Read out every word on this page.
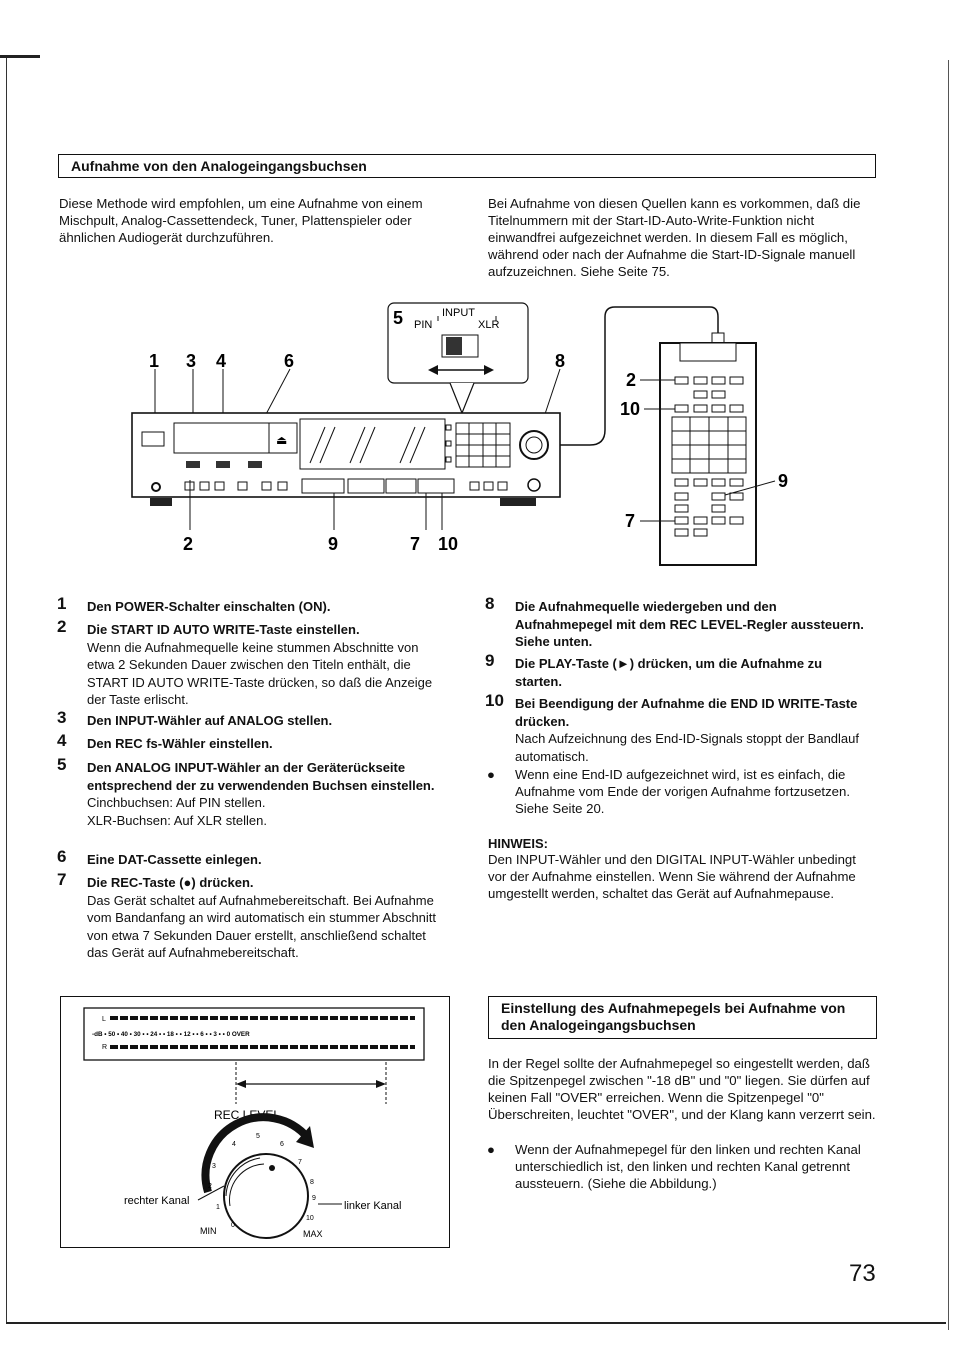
Aufnahme von den Analogeingangsbuchsen
Diese Methode wird empfohlen, um eine Aufnahme von einem Mischpult, Analog-Cassettendeck, Tuner, Plattenspieler oder ähnlichen Audiogerät durchzuführen.
Bei Aufnahme von diesen Quellen kann es vorkommen, daß die Titelnummern mit der Start-ID-Auto-Write-Funktion nicht einwandfrei aufgezeichnet werden. In diesem Fall es möglich, während oder nach der Aufnahme die Start-ID-Signale manuell aufzuzeichnen. Siehe Seite 75.
5	INPUT
PIN	XLR
1 3 4	6	8
⏏
2	9	7 10
2
10
7
9
1 Den POWER-Schalter einschalten (ON).
2 Die START ID AUTO WRITE-Taste einstellen.
Wenn die Aufnahmequelle keine stummen Abschnitte von etwa 2 Sekunden Dauer zwischen den Titeln enthält, die START ID AUTO WRITE-Taste drücken, so daß die Anzeige der Taste erlischt.
3 Den INPUT-Wähler auf ANALOG stellen.
4 Den REC fs-Wähler einstellen.
5 Den ANALOG INPUT-Wähler an der Geräterückseite entsprechend der zu verwendenden Buchsen einstellen.
Cinchbuchsen: Auf PIN stellen.
XLR-Buchsen: Auf XLR stellen.
6 Eine DAT-Cassette einlegen.
7 Die REC-Taste (●) drücken.
Das Gerät schaltet auf Aufnahmebereitschaft. Bei Aufnahme vom Bandanfang an wird automatisch ein stummer Abschnitt von etwa 7 Sekunden Dauer erstellt, anschließend schaltet das Gerät auf Aufnahmebereitschaft.
8 Die Aufnahmequelle wiedergeben und den Aufnahmepegel mit dem REC LEVEL-Regler aussteuern. Siehe unten.
9 Die PLAY-Taste (►) drücken, um die Aufnahme zu starten.
10 Bei Beendigung der Aufnahme die END ID WRITE-Taste drücken.
Nach Aufzeichnung des End-ID-Signals stoppt der Bandlauf automatisch.
● Wenn eine End-ID aufgezeichnet wird, ist es einfach, die Aufnahme vom Ende der vorigen Aufnahme fortzusetzen. Siehe Seite 20.
HINWEIS:
Den INPUT-Wähler und den DIGITAL INPUT-Wähler unbedingt vor der Aufnahme einstellen. Wenn Sie während der Aufnahme umgestellt werden, schaltet das Gerät auf Aufnahmepause.
L
-dB • 50 • 40 • 30 • • 24 • • 18 • • 12 • • 6 • • 3 • • 0 OVER
R
REC LEVEL
0
1
2
3
4
5
6
7
8
9
10
rechter Kanal	linker Kanal
MIN	MAX
Einstellung des Aufnahmepegels bei Aufnahme von den Analogeingangsbuchsen
In der Regel sollte der Aufnahmepegel so eingestellt werden, daß die Spitzenpegel zwischen "-18 dB" und "0" liegen. Sie dürfen auf keinen Fall "OVER" erreichen. Wenn die Spitzenpegel "0" Überschreiten, leuchtet "OVER", und der Klang kann verzerrt sein.
● Wenn der Aufnahmepegel für den linken und rechten Kanal unterschiedlich ist, den linken und rechten Kanal getrennt aussteuern. (Siehe die Abbildung.)
73
